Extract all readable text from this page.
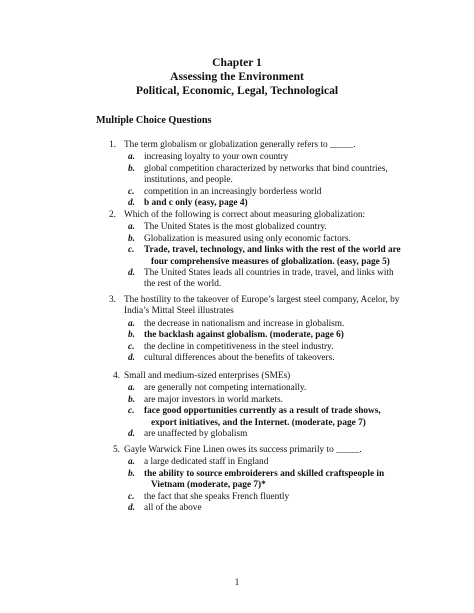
Chapter 1
Assessing the Environment
Political, Economic, Legal, Technological
Multiple Choice Questions
1. The term globalism or globalization generally refers to _____.
a. increasing loyalty to your own country
b. global competition characterized by networks that bind countries,
institutions, and people.
c. competition in an increasingly borderless world
d. b and c only (easy, page 4)
2. Which of the following is correct about measuring globalization:
a. The United States is the most globalized country.
b. Globalization is measured using only economic factors.
c. Trade, travel, technology, and links with the rest of the world are
four comprehensive measures of globalization. (easy, page 5)
d. The United States leads all countries in trade, travel, and links with
the rest of the world.
3. The hostility to the takeover of Europe’s largest steel company, Acelor, by
India’s Mittal Steel illustrates
a. the decrease in nationalism and increase in globalism.
b. the backlash against globalism. (moderate, page 6)
c. the decline in competitiveness in the steel industry.
d. cultural differences about the benefits of takeovers.
4. Small and medium-sized enterprises (SMEs)
a. are generally not competing internationally.
b. are major investors in world markets.
c. face good opportunities currently as a result of trade shows,
export initiatives, and the Internet. (moderate, page 7)
d. are unaffected by globalism
5. Gayle Warwick Fine Linen owes its success primarily to _____.
a. a large dedicated staff in England
b. the ability to source embroiderers and skilled craftspeople in
Vietnam (moderate, page 7)*
c. the fact that she speaks French fluently
d. all of the above
1
